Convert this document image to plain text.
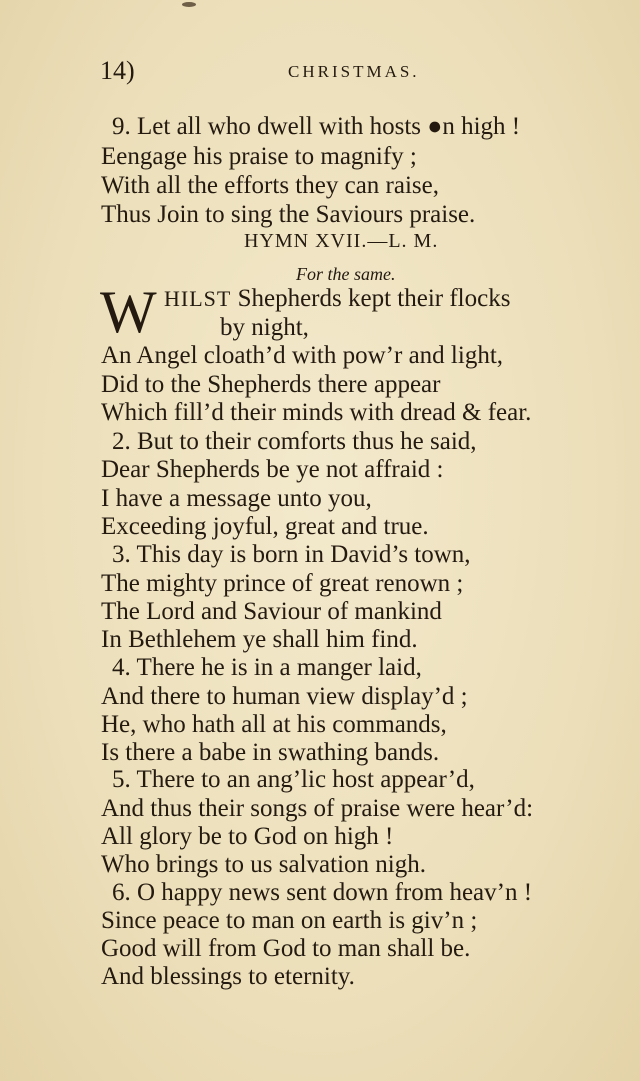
14)	CHRISTMAS.
9. Let all who dwell with hosts ●n high !
Eengage his praise to magnify ;
With all the efforts they can raise,
Thus Join to sing the Saviours praise.
HYMN XVII.—L. M.
For the same.
W HILST Shepherds kept their flocks
by night,
An Angel cloath’d with pow’r and light,
Did to the Shepherds there appear
Which fill’d their minds with dread & fear.
2. But to their comforts thus he said,
Dear Shepherds be ye not affraid :
I have a message unto you,
Exceeding joyful, great and true.
3. This day is born in David’s town,
The mighty prince of great renown ;
The Lord and Saviour of mankind
In Bethlehem ye shall him find.
4. There he is in a manger laid,
And there to human view display’d ;
He, who hath all at his commands,
Is there a babe in swathing bands.
5. There to an ang’lic host appear’d,
And thus their songs of praise were hear’d:
All glory be to God on high !
Who brings to us salvation nigh.
6. O happy news sent down from heav’n !
Since peace to man on earth is giv’n ;
Good will from God to man shall be.
And blessings to eternity.
